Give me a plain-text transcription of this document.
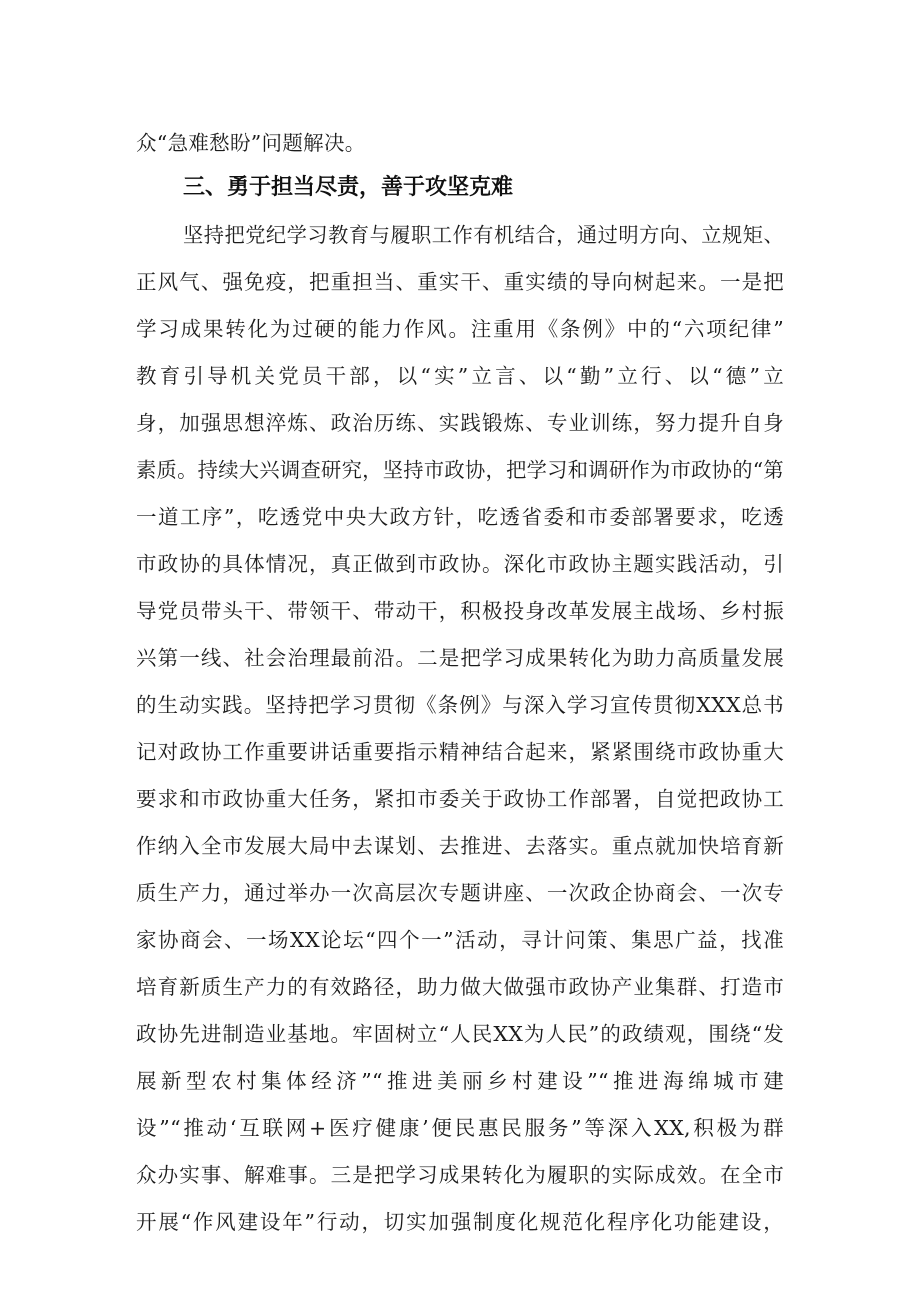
众“急难愁盼”问题解决。
三、勇于担当尽责，善于攻坚克难
坚持把党纪学习教育与履职工作有机结合，通过明方向、立规矩、
正风气、强免疫，把重担当、重实干、重实绩的导向树起来。一是把
学习成果转化为过硬的能力作风。注重用《条例》中的“六项纪律”
教育引导机关党员干部，以“实”立言、以“勤”立行、以“德”立
身，加强思想淬炼、政治历练、实践锻炼、专业训练，努力提升自身
素质。持续大兴调查研究，坚持市政协，把学习和调研作为市政协的“第
一道工序”，吃透党中央大政方针，吃透省委和市委部署要求，吃透
市政协的具体情况，真正做到市政协。深化市政协主题实践活动，引
导党员带头干、带领干、带动干，积极投身改革发展主战场、乡村振
兴第一线、社会治理最前沿。二是把学习成果转化为助力高质量发展
的生动实践。坚持把学习贯彻《条例》与深入学习宣传贯彻XXX总书
记对政协工作重要讲话重要指示精神结合起来，紧紧围绕市政协重大
要求和市政协重大任务，紧扣市委关于政协工作部署，自觉把政协工
作纳入全市发展大局中去谋划、去推进、去落实。重点就加快培育新
质生产力，通过举办一次高层次专题讲座、一次政企协商会、一次专
家协商会、一场XX论坛“四个一”活动，寻计问策、集思广益，找准
培育新质生产力的有效路径，助力做大做强市政协产业集群、打造市
政协先进制造业基地。牢固树立“人民XX为人民”的政绩观，围绕“发
展新型农村集体经济”“推进美丽乡村建设”“推进海绵城市建
设”“推动‘互联网+医疗健康’便民惠民服务”等深入XX,积极为群
众办实事、解难事。三是把学习成果转化为履职的实际成效。在全市
开展“作风建设年”行动，切实加强制度化规范化程序化功能建设，
